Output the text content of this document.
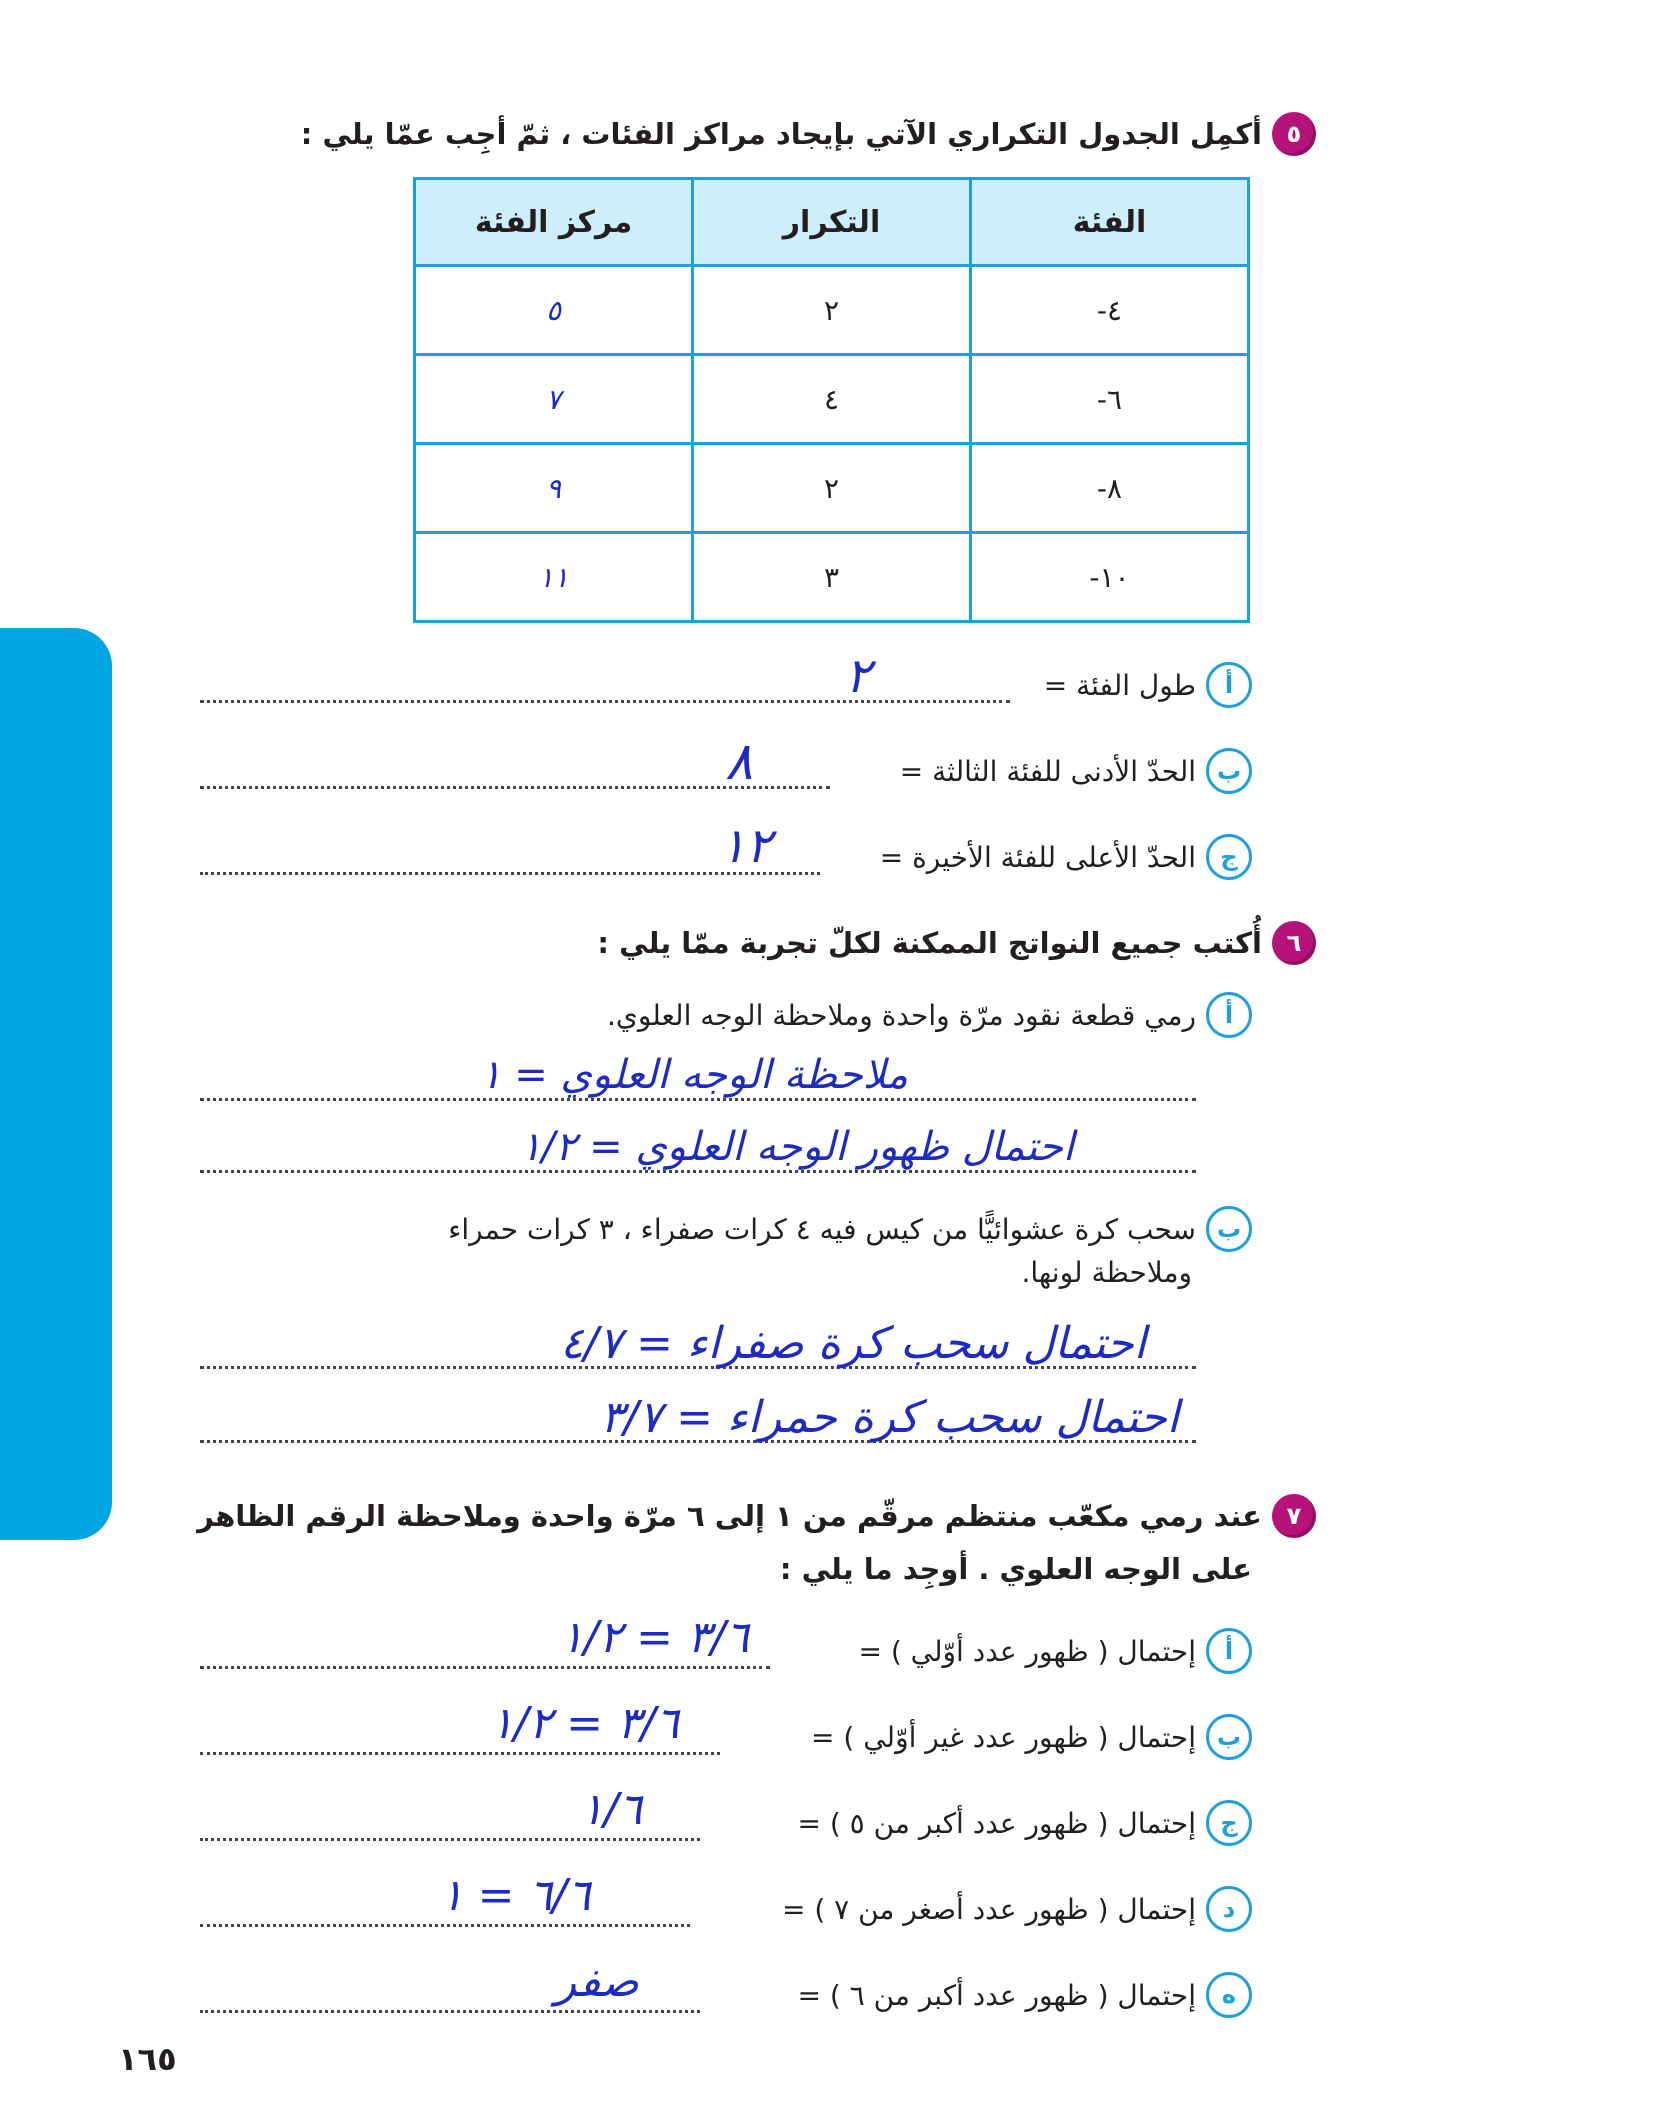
هل أنت مستعد؟
٥
أكمِل الجدول التكراري الآتي بإيجاد مراكز الفئات ، ثمّ أجِب عمّا يلي :
الفئة	التكرار	مركز الفئة
٤-	٢	٥
٦-	٤	٧
٨-	٢	٩
١٠-	٣	١١
أ
طول الفئة =
٢
ب
الحدّ الأدنى للفئة الثالثة =
٨
ج
الحدّ الأعلى للفئة الأخيرة =
١٢
٦
أُكتب جميع النواتج الممكنة لكلّ تجربة ممّا يلي :
أ
رمي قطعة نقود مرّة واحدة وملاحظة الوجه العلوي.
ملاحظة الوجه العلوي = ١
احتمال ظهور الوجه العلوي = ١/٢
ب
سحب كرة عشوائيًّا من كيس فيه ٤ كرات صفراء ، ٣ كرات حمراء
وملاحظة لونها.
احتمال سحب كرة صفراء = ٤/٧
احتمال سحب كرة حمراء = ٣/٧
٧
عند رمي مكعّب منتظم مرقّم من ١ إلى ٦ مرّة واحدة وملاحظة الرقم الظاهر
على الوجه العلوي . أوجِد ما يلي :
أ
إحتمال ( ظهور عدد أوّلي ) =
٣/٦ = ١/٢
ب
إحتمال ( ظهور عدد غير أوّلي ) =
٣/٦ = ١/٢
ج
إحتمال ( ظهور عدد أكبر من ٥ ) =
١/٦
د
إحتمال ( ظهور عدد أصغر من ٧ ) =
٦/٦ = ١
ه
إحتمال ( ظهور عدد أكبر من ٦ ) =
صفر
١٦٥
